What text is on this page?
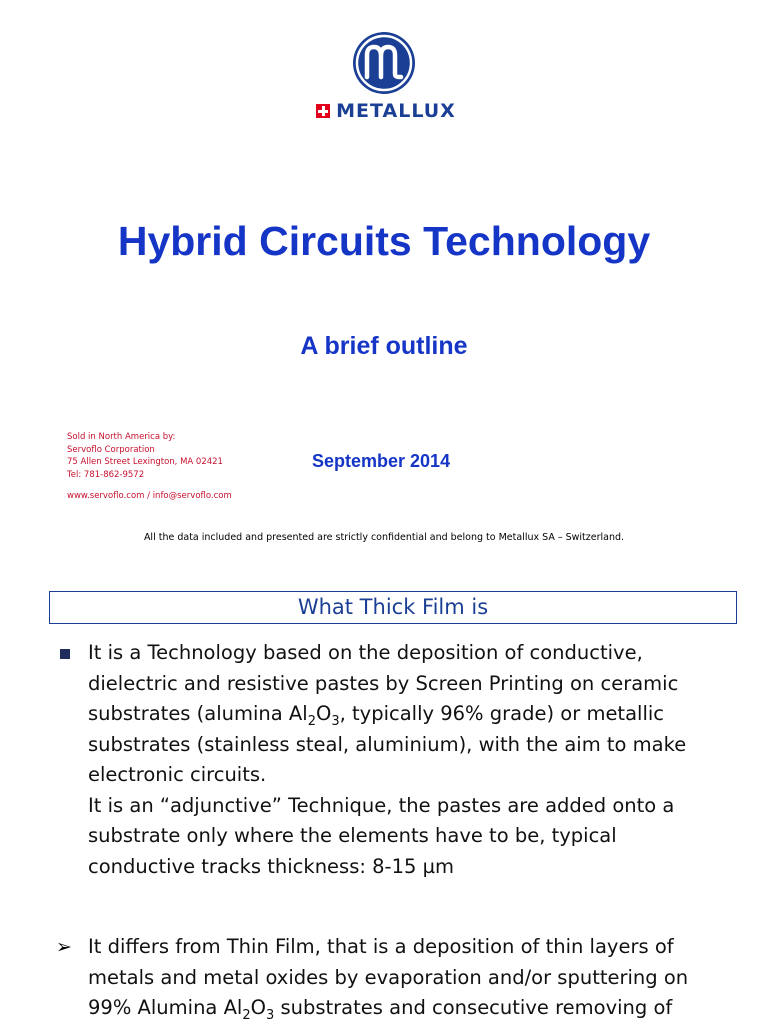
METALLUX
Hybrid Circuits Technology
A brief outline
Sold in North America by:
Servoflo Corporation
75 Allen Street Lexington, MA 02421
Tel: 781-862-9572
www.servoflo.com / info@servoflo.com
September 2014
All the data included and presented are strictly confidential and belong to Metallux SA – Switzerland.
What Thick Film is
It is a Technology based on the deposition of conductive,
dielectric and resistive pastes by Screen Printing on ceramic
substrates (alumina $Al_2O_3$, typically 96% grade) or metallic
substrates (stainless steal, aluminium), with the aim to make
electronic circuits.
It is an “adjunctive” Technique, the pastes are added onto a
substrate only where the elements have to be, typical
conductive tracks thickness: 8-15 µm
➢ It differs from Thin Film, that is a deposition of thin layers of
metals and metal oxides by evaporation and/or sputtering on
99% Alumina $Al_2O_3$ substrates and consecutive removing of
